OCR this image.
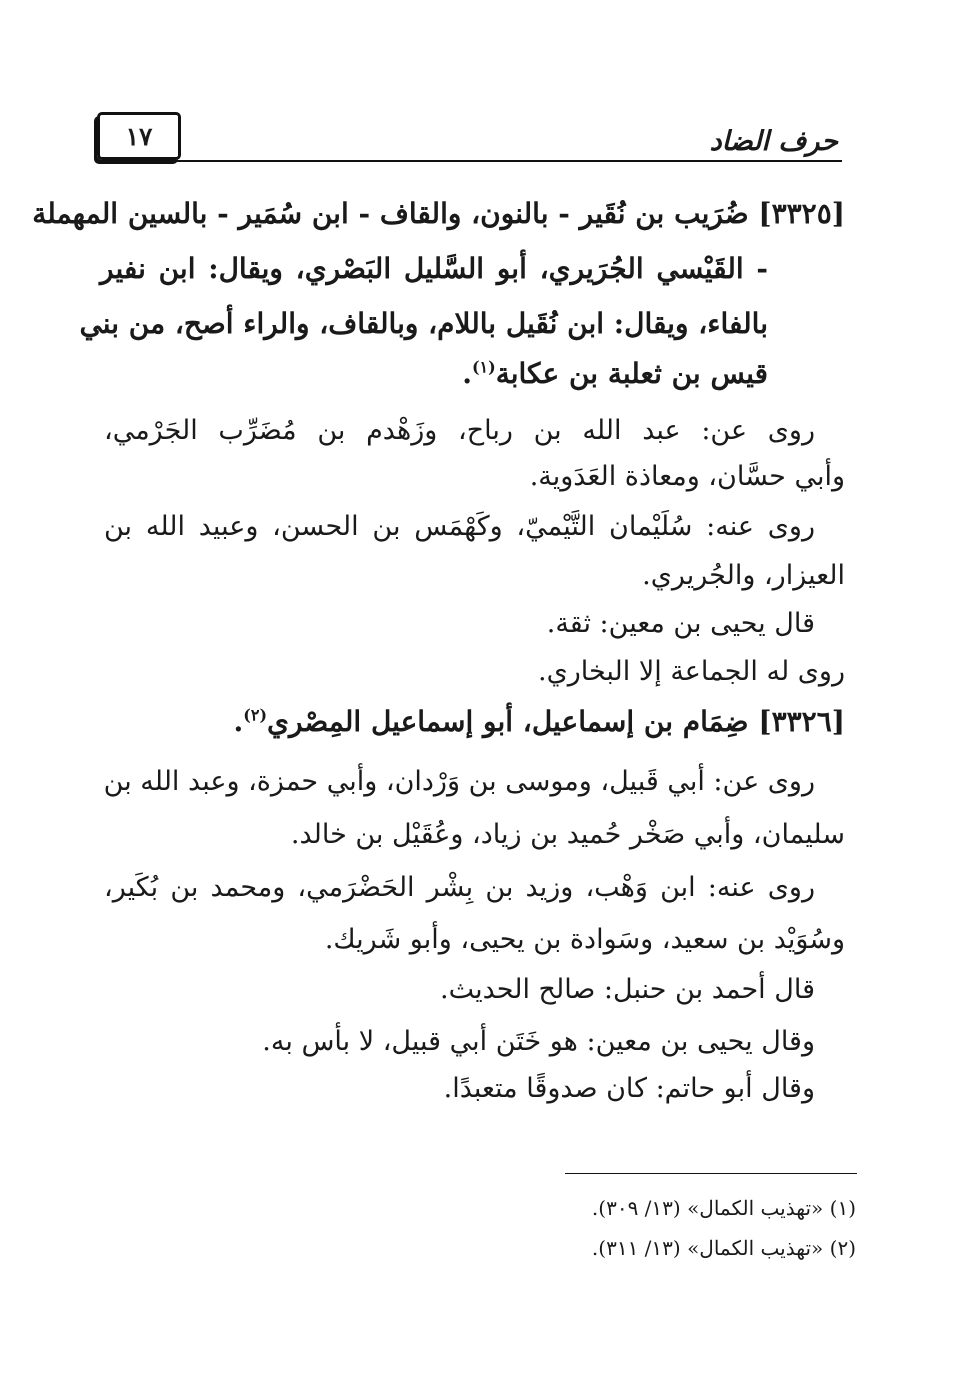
حرف الضاد
١٧
[٣٣٢٥] ضُرَيب بن نُقَير - بالنون، والقاف - ابن سُمَير - بالسين المهملة
- القَيْسي الجُرَيري، أبو السَّليل البَصْري، ويقال: ابن نفير
بالفاء، ويقال: ابن نُقَيل باللام، وبالقاف، والراء أصح، من بني
قيس بن ثعلبة بن عكابة$^{(١)}$.
روى عن: عبد الله بن رباح، وزَهْدم بن مُضَرِّب الجَرْمي،
وأبي حسَّان، ومعاذة العَدَوية.
روى عنه: سُلَيْمان التَّيْميّ، وكَهْمَس بن الحسن، وعبيد الله بن
العيزار، والجُريري.
قال يحيى بن معين: ثقة.
روى له الجماعة إلا البخاري.
[٣٣٢٦] ضِمَام بن إسماعيل، أبو إسماعيل المِصْري$^{(٢)}$.
روى عن: أبي قَبيل، وموسى بن وَرْدان، وأبي حمزة، وعبد الله بن
سليمان، وأبي صَخْر حُميد بن زياد، وعُقَيْل بن خالد.
روى عنه: ابن وَهْب، وزيد بن بِشْر الحَضْرَمي، ومحمد بن بُكَير،
وسُوَيْد بن سعيد، وسَوادة بن يحيى، وأبو شَريك.
قال أحمد بن حنبل: صالح الحديث.
وقال يحيى بن معين: هو خَتَن أبي قبيل، لا بأس به.
وقال أبو حاتم: كان صدوقًا متعبدًا.
(١) «تهذيب الكمال» (١٣/ ٣٠٩).
(٢) «تهذيب الكمال» (١٣/ ٣١١).
